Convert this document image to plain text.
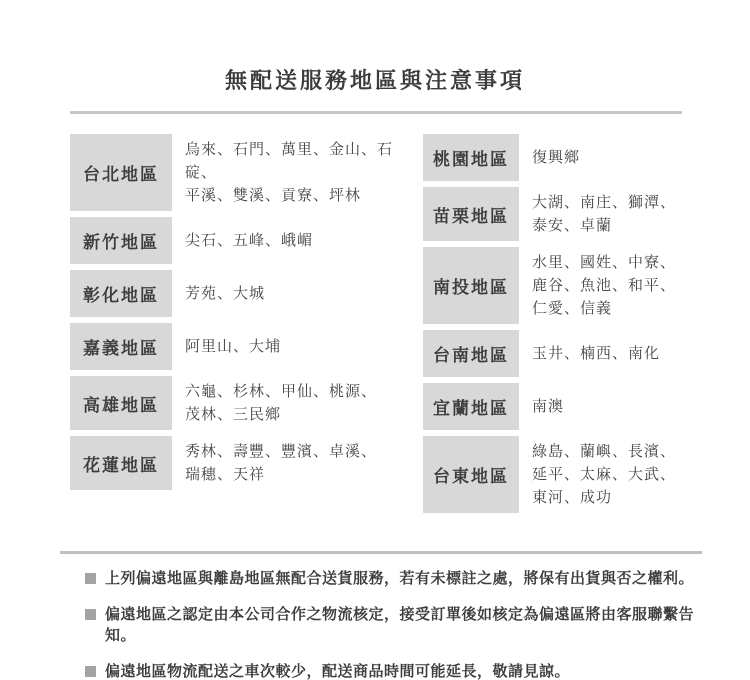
無配送服務地區與注意事項
台北地區
烏來、石門、萬里、金山、石碇、
平溪、雙溪、貢寮、坪林
新竹地區	尖石、五峰、峨嵋
彰化地區	芳苑、大城
嘉義地區	阿里山、大埔
高雄地區
六龜、杉林、甲仙、桃源、
茂林、三民鄉
花蓮地區
秀林、壽豐、豐濱、卓溪、
瑞穗、天祥
桃園地區	復興鄉
苗栗地區
大湖、南庄、獅潭、
泰安、卓蘭
南投地區
水里、國姓、中寮、
鹿谷、魚池、和平、
仁愛、信義
台南地區	玉井、楠西、南化
宜蘭地區	南澳
台東地區
綠島、蘭嶼、長濱、
延平、太麻、大武、
東河、成功
上列偏遠地區與離島地區無配合送貨服務，若有未標註之處，將保有出貨與否之權利。
偏遠地區之認定由本公司合作之物流核定，接受訂單後如核定為偏遠區將由客服聯繫告知。
偏遠地區物流配送之車次較少，配送商品時間可能延長，敬請見諒。
